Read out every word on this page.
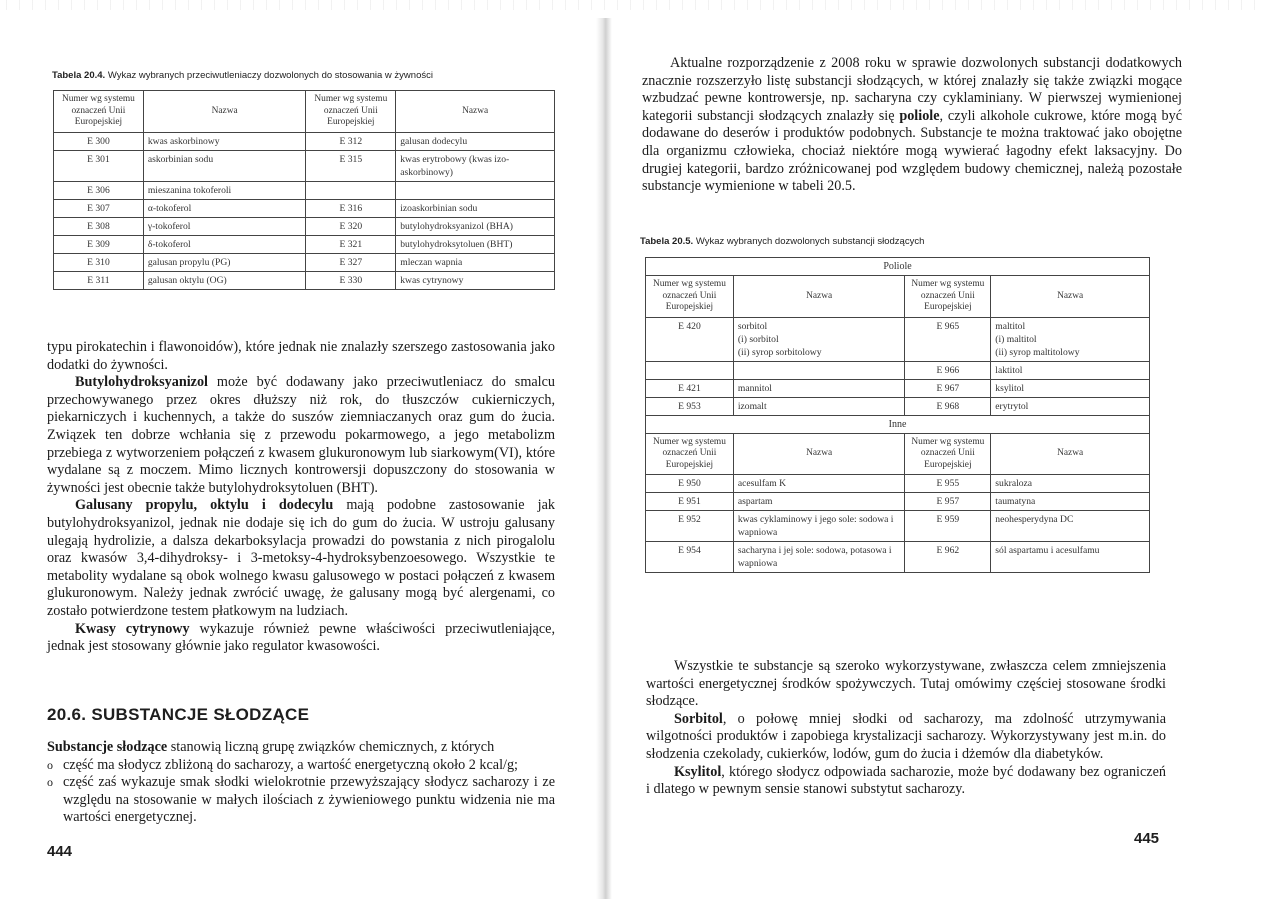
Tabela 20.4. Wykaz wybranych przeciwutleniaczy dozwolonych do stosowania w żywności
Numer wg systemu oznaczeń Unii Europejskiej	Nazwa	Numer wg systemu oznaczeń Unii Europejskiej	Nazwa
E 300	kwas askorbinowy	E 312	galusan dodecylu
E 301	askorbinian sodu	E 315	kwas erytrobowy (kwas izo-askorbinowy)
E 306	mieszanina tokoferoli		
E 307	α-tokoferol	E 316	izoaskorbinian sodu
E 308	γ-tokoferol	E 320	butylohydroksyanizol (BHA)
E 309	δ-tokoferol	E 321	butylohydroksytoluen (BHT)
E 310	galusan propylu (PG)	E 327	mleczan wapnia
E 311	galusan oktylu (OG)	E 330	kwas cytrynowy

typu pirokatechin i flawonoidów), które jednak nie znalazły szerszego zastosowania jako dodatki do żywności.

Butylohydroksyanizol może być dodawany jako przeciwutleniacz do smalcu przechowywanego przez okres dłuższy niż rok, do tłuszczów cukierniczych, piekarniczych i kuchennych, a także do suszów ziemniaczanych oraz gum do żucia. Związek ten dobrze wchłania się z przewodu pokarmowego, a jego metabolizm przebiega z wytworzeniem połączeń z kwasem glukuronowym lub siarkowym(VI), które wydalane są z moczem. Mimo licznych kontrowersji dopuszczony do stosowania w żywności jest obecnie także butylohydroksytoluen (BHT).

Galusany propylu, oktylu i dodecylu mają podobne zastosowanie jak butylohydroksyanizol, jednak nie dodaje się ich do gum do żucia. W ustroju galusany ulegają hydrolizie, a dalsza dekarboksylacja prowadzi do powstania z nich pirogalolu oraz kwasów 3,4-dihydroksy- i 3-metoksy-4-hydroksybenzoesowego. Wszystkie te metabolity wydalane są obok wolnego kwasu galusowego w postaci połączeń z kwasem glukuronowym. Należy jednak zwrócić uwagę, że galusany mogą być alergenami, co zostało potwierdzone testem płatkowym na ludziach.

Kwasy cytrynowy wykazuje również pewne właściwości przeciwutleniające, jednak jest stosowany głównie jako regulator kwasowości.

20.6. SUBSTANCJE SŁODZĄCE

Substancje słodzące stanowią liczną grupę związków chemicznych, z których

o część ma słodycz zbliżoną do sacharozy, a wartość energetyczną około 2 kcal/g;
o część zaś wykazuje smak słodki wielokrotnie przewyższający słodycz sacharozy i ze względu na stosowanie w małych ilościach z żywieniowego punktu widzenia nie ma wartości energetycznej.
444

Aktualne rozporządzenie z 2008 roku w sprawie dozwolonych substancji dodatkowych znacznie rozszerzyło listę substancji słodzących, w której znalazły się także związki mogące wzbudzać pewne kontrowersje, np. sacharyna czy cyklaminiany. W pierwszej wymienionej kategorii substancji słodzących znalazły się poliole, czyli alkohole cukrowe, które mogą być dodawane do deserów i produktów podobnych. Substancje te można traktować jako obojętne dla organizmu człowieka, chociaż niektóre mogą wywierać łagodny efekt laksacyjny. Do drugiej kategorii, bardzo zróżnicowanej pod względem budowy chemicznej, należą pozostałe substancje wymienione w tabeli 20.5.

Tabela 20.5. Wykaz wybranych dozwolonych substancji słodzących
Poliole			
Numer wg systemu oznaczeń Unii Europejskiej	Nazwa	Numer wg systemu oznaczeń Unii Europejskiej	Nazwa
E 420	sorbitol
(i) sorbitol
(ii) syrop sorbitolowy	E 965	maltitol
(i) maltitol
(ii) syrop maltitolowy
		E 966	laktitol
E 421	mannitol	E 967	ksylitol
E 953	izomalt	E 968	erytrytol
Inne			
Numer wg systemu oznaczeń Unii Europejskiej	Nazwa	Numer wg systemu oznaczeń Unii Europejskiej	Nazwa
E 950	acesulfam K	E 955	sukraloza
E 951	aspartam	E 957	taumatyna
E 952	kwas cyklaminowy i jego sole: sodowa i wapniowa	E 959	neohesperydyna DC
E 954	sacharyna i jej sole: sodowa, potasowa i wapniowa	E 962	sól aspartamu i acesulfamu

Wszystkie te substancje są szeroko wykorzystywane, zwłaszcza celem zmniejszenia wartości energetycznej środków spożywczych. Tutaj omówimy częściej stosowane środki słodzące.

Sorbitol, o połowę mniej słodki od sacharozy, ma zdolność utrzymywania wilgotności produktów i zapobiega krystalizacji sacharozy. Wykorzystywany jest m.in. do słodzenia czekolady, cukierków, lodów, gum do żucia i dżemów dla diabetyków.

Ksylitol, którego słodycz odpowiada sacharozie, może być dodawany bez ograniczeń i dlatego w pewnym sensie stanowi substytut sacharozy.

445
